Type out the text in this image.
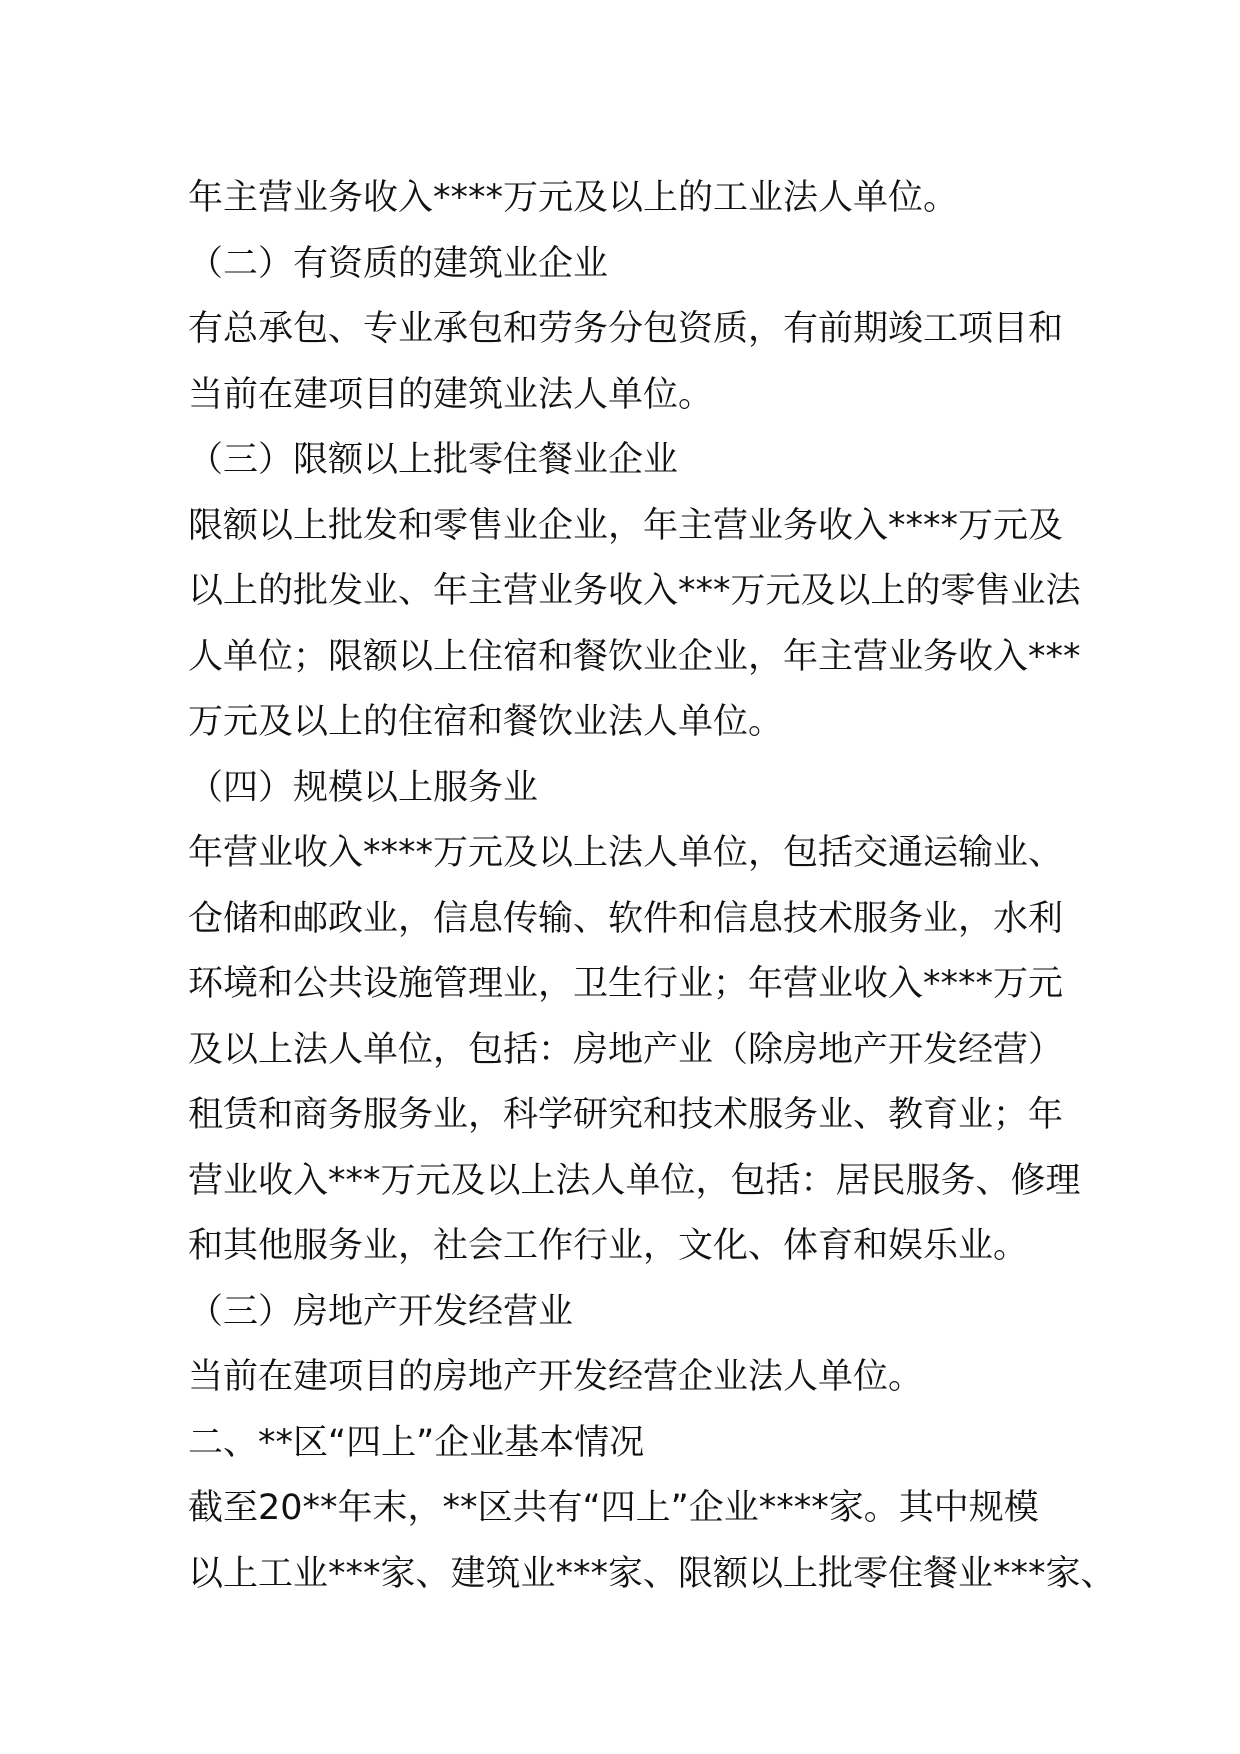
年主营业务收入****万元及以上的工业法人单位。
（二）有资质的建筑业企业
有总承包、专业承包和劳务分包资质，有前期竣工项目和
当前在建项目的建筑业法人单位。
（三）限额以上批零住餐业企业
限额以上批发和零售业企业，年主营业务收入****万元及
以上的批发业、年主营业务收入***万元及以上的零售业法
人单位；限额以上住宿和餐饮业企业，年主营业务收入***
万元及以上的住宿和餐饮业法人单位。
（四）规模以上服务业
年营业收入****万元及以上法人单位，包括交通运输业、
仓储和邮政业，信息传输、软件和信息技术服务业，水利
环境和公共设施管理业，卫生行业；年营业收入****万元
及以上法人单位，包括：房地产业（除房地产开发经营）
租赁和商务服务业，科学研究和技术服务业、教育业；年
营业收入***万元及以上法人单位，包括：居民服务、修理
和其他服务业，社会工作行业，文化、体育和娱乐业。
（三）房地产开发经营业
当前在建项目的房地产开发经营企业法人单位。
二、**区“四上”企业基本情况
截至20**年末，**区共有“四上”企业****家。其中规模
以上工业***家、建筑业***家、限额以上批零住餐业***家、
